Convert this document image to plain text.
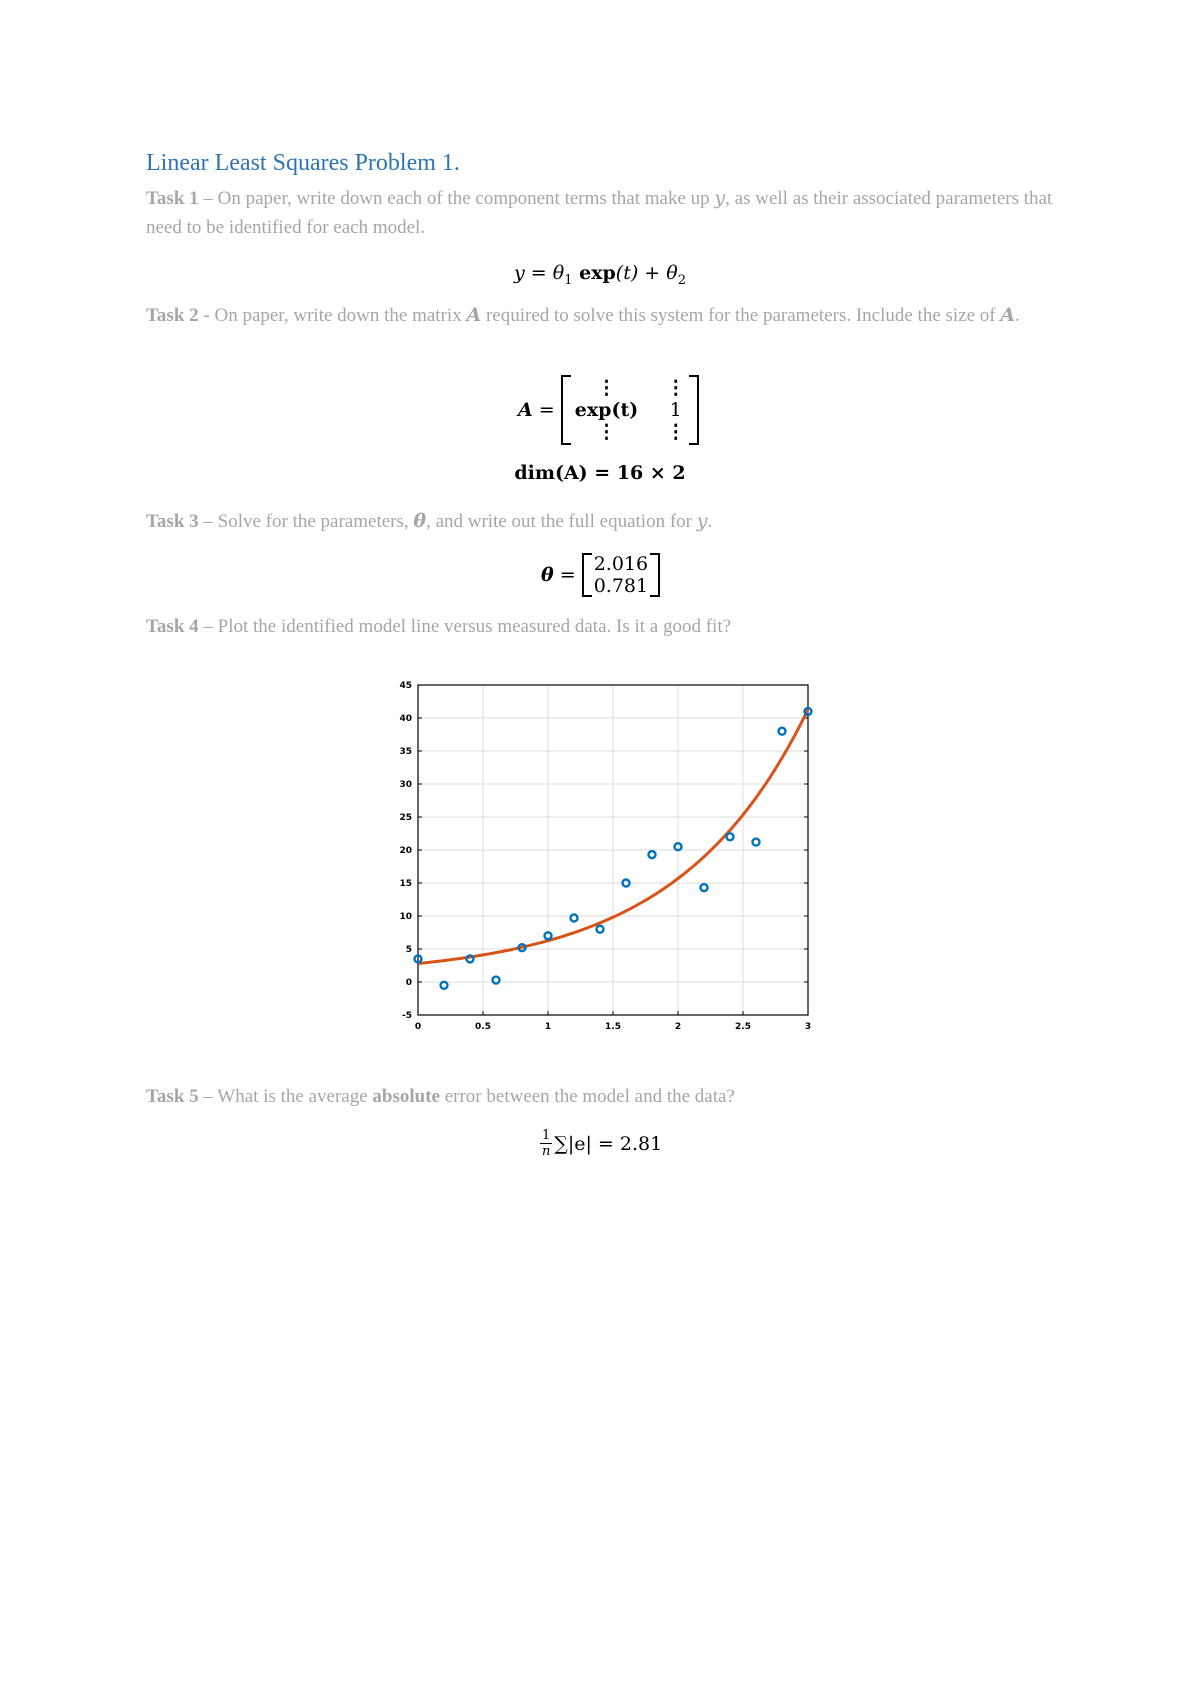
Linear Least Squares Problem 1.
Task 1 – On paper, write down each of the component terms that make up y, as well as their associated parameters that need to be identified for each model.
$y = \theta_1$ $\exp(t) + \theta_2$
Task 2 - On paper, write down the matrix A required to solve this system for the parameters. Include the size of A.
A =
⋮	⋮
exp(t) 1
⋮	⋮
dim(A) = 16 × 2
Task 3 – Solve for the parameters, θ, and write out the full equation for y.
θ = 2.016
0.781
Task 4 – Plot the identified model line versus measured data. Is it a good fit?
0	0.5	1	1.5	2	2.5	3
-5
0
5
10
15
20
25
30
35
40
45
Task 5 – What is the average absolute error between the model and the data?
$\frac{1}{n} \sum|e| = 2.81$
